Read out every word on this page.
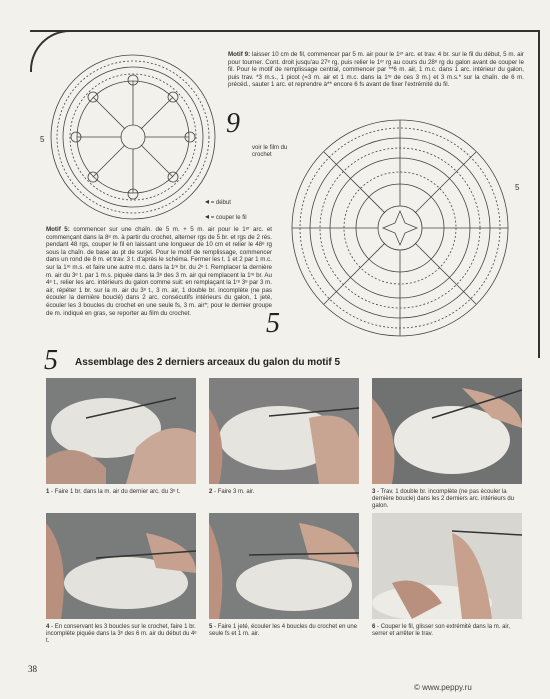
5
◂ = début
◂ = couper le fil
9
Motif 9: laisser 10 cm de fil, commencer par 5 m. air pour le 1ᵉʳ arc. et trav. 4 br. sur le fil du début, 5 m. air pour tourner. Cont. droit jusqu'au 27ᵉ rg, puis relier le 1ᵉʳ rg au cours du 28ᵉ rg du galon avant de couper le fil. Pour le motif de remplissage central, commencer par **6 m. air, 1 m.c. dans 1 arc. intérieur du galon, puis trav. *3 m.s., 1 picot (=3 m. air et 1 m.c. dans la 1ʳᵉ de ces 3 m.) et 3 m.s.* sur la chaîn. de 6 m. précéd., sauter 1 arc. et reprendre à** encore 6 fs avant de fixer l'extrémité du fil.
voir le film du crochet
5
5
Motif 5: commencer sur une chaîn. de 5 m. + 5 m. air pour le 1ᵉʳ arc. et commençant dans la 8ᵉ m. à partir du crochet, alterner rgs de 5 br. et rgs de 2 rés. pendant 48 rgs, couper le fil en laissant une longueur de 10 cm et relier le 48ᵉ rg sous la chaîn. de base au pt de surjet. Pour le motif de remplissage, commencer dans un rond de 8 m. et trav. 3 t. d'après le schéma. Fermer les t. 1 et 2 par 1 m.c. sur la 1ʳᵉ m.s. et faire une autre m.c. dans la 1ʳᵉ br. du 2ᵉ t. Remplacer la dernière m. air du 3ᵉ t. par 1 m.s. piquée dans la 3ᵉ des 3 m. air qui remplacent la 1ʳᵉ br. Au 4ᵉ t., relier les arc. intérieurs du galon comme suit: en remplaçant la 1ʳᵉ 3ᵉ par 3 m. air, répéter 1 br. sur la m. air du 3ᵉ t., 3 m. air, 1 double br. incomplète (ne pas écouler la dernière bouclé) dans 2 arc. consécutifs intérieurs du galon, 1 jeté, écouler les 3 boucles du crochet en une seule fs, 3 m. air*; pour le dernier groupe de m. indiqué en gras, se reporter au film du crochet.
5 Assemblage des 2 derniers arceaux du galon du motif 5
1 - Faire 1 br. dans la m. air du dernier arc. du 3ᵉ t.	2 - Faire 3 m. air.	3 - Trav. 1 double br. incomplète (ne pas écouler la dernière boucle) dans les 2 derniers arc. intérieurs du galon.
4 - En conservant les 3 boucles sur le crochet, faire 1 br. incomplète piquée dans la 3ᵉ des 6 m. air du début du 4ᵉ t.
5 - Faire 1 jeté, écouler les 4 boucles du crochet en une seule fs et 1 m. air.
6 - Couper le fil, glisser son extrémité dans la m. air, serrer et arrêter le trav.
38
© www.peppy.ru
